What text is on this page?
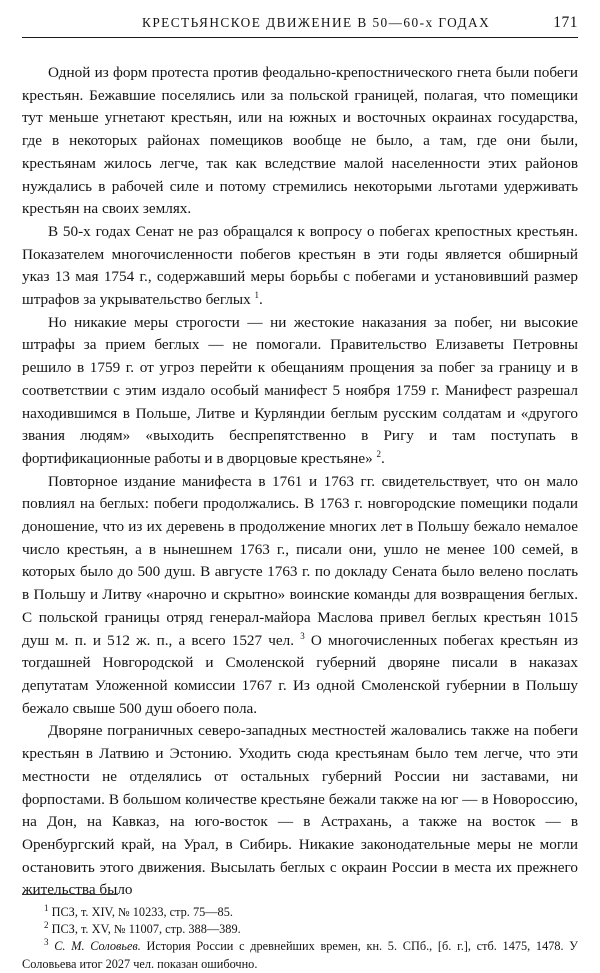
КРЕСТЬЯНСКОЕ ДВИЖЕНИЕ В 50—60-х ГОДАХ	171

Одной из форм протеста против феодально-крепостнического гнета были побеги крестьян. Бежавшие поселялись или за польской границей, полагая, что помещики тут меньше угнетают крестьян, или на южных и восточных окраинах государства, где в некоторых районах помещиков вообще не было, а там, где они были, крестьянам жилось легче, так как вследствие малой населенности этих районов нуждались в рабочей силе и потому стремились некоторыми льготами удерживать крестьян на своих землях.

В 50-х годах Сенат не раз обращался к вопросу о побегах крепостных крестьян. Показателем многочисленности побегов крестьян в эти годы является обширный указ 13 мая 1754 г., содержавший меры борьбы с побегами и установивший размер штрафов за укрывательство беглых $^1$.

Но никакие меры строгости — ни жестокие наказания за побег, ни высокие штрафы за прием беглых — не помогали. Правительство Елизаветы Петровны решило в 1759 г. от угроз перейти к обещаниям прощения за побег за границу и в соответствии с этим издало особый манифест 5 ноября 1759 г. Манифест разрешал находившимся в Польше, Литве и Курляндии беглым русским солдатам и «другого звания людям» «выходить беспрепятственно в Ригу и там поступать в фортификационные работы и в дворцовые крестьяне» $^2$.

Повторное издание манифеста в 1761 и 1763 гг. свидетельствует, что он мало повлиял на беглых: побеги продолжались. В 1763 г. новгородские помещики подали доношение, что из их деревень в продолжение многих лет в Польшу бежало немалое число крестьян, а в нынешнем 1763 г., писали они, ушло не менее 100 семей, в которых было до 500 душ. В августе 1763 г. по докладу Сената было велено послать в Польшу и Литву «нарочно и скрытно» воинские команды для возвращения беглых. С польской границы отряд генерал-майора Маслова привел беглых крестьян 1015 душ м. п. и 512 ж. п., а всего 1527 чел. $^3$ О многочисленных побегах крестьян из тогдашней Новгородской и Смоленской губерний дворяне писали в наказах депутатам Уложенной комиссии 1767 г. Из одной Смоленской губернии в Польшу бежало свыше 500 душ обоего пола.

Дворяне пограничных северо-западных местностей жаловались также на побеги крестьян в Латвию и Эстонию. Уходить сюда крестьянам было тем легче, что эти местности не отделялись от остальных губерний России ни заставами, ни форпостами. В большом количестве крестьяне бежали также на юг — в Новороссию, на Дон, на Кавказ, на юго-восток — в Астрахань, а также на восток — в Оренбургский край, на Урал, в Сибирь. Никакие законодательные меры не могли остановить этого движения. Высылать беглых с окраин России в места их прежнего жительства было

$^1$ ПСЗ, т. XIV, № 10233, стр. 75—85.

$^2$ ПСЗ, т. XV, № 11007, стр. 388—389.

$^3$ С. М. Соловьев. История России с древнейших времен, кн. 5. СПб., [б. г.], стб. 1475, 1478. У Соловьева итог 2027 чел. показан ошибочно.
